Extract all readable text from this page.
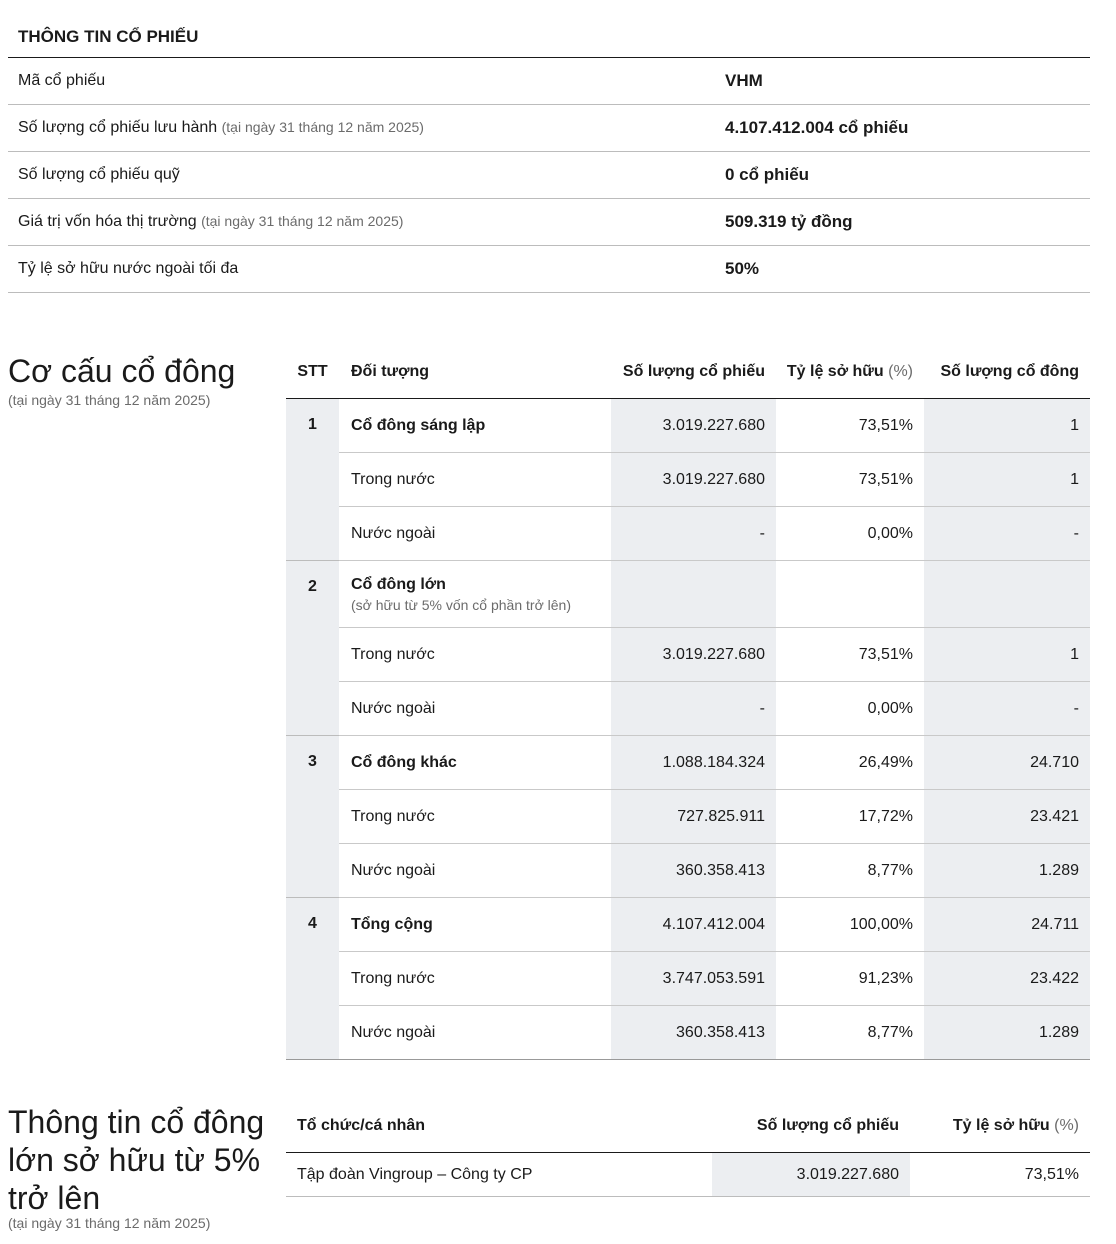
THÔNG TIN CỔ PHIẾU
Mã cổ phiếu	VHM
Số lượng cổ phiếu lưu hành (tại ngày 31 tháng 12 năm 2025)	4.107.412.004 cổ phiếu
Số lượng cổ phiếu quỹ	0 cổ phiếu
Giá trị vốn hóa thị trường (tại ngày 31 tháng 12 năm 2025)	509.319 tỷ đồng
Tỷ lệ sở hữu nước ngoài tối đa	50%
Cơ cấu cổ đông
(tại ngày 31 tháng 12 năm 2025)
STT	Đối tượng	Số lượng cổ phiếu	Tỷ lệ sở hữu (%)	Số lượng cổ đông
1	Cổ đông sáng lập	3.019.227.680	73,51%	1
	Trong nước	3.019.227.680	73,51%	1
	Nước ngoài	-	0,00%	-
2	Cổ đông lớn
(sở hữu từ 5% vốn cổ phần trở lên)			

	Trong nước	3.019.227.680	73,51%	1
	Nước ngoài	-	0,00%	-
3	Cổ đông khác	1.088.184.324	26,49%	24.710
	Trong nước	727.825.911	17,72%	23.421
	Nước ngoài	360.358.413	8,77%	1.289
4	Tổng cộng	4.107.412.004	100,00%	24.711
	Trong nước	3.747.053.591	91,23%	23.422
	Nước ngoài	360.358.413	8,77%	1.289
Thông tin cổ đông
lớn sở hữu từ 5%
trở lên
(tại ngày 31 tháng 12 năm 2025)
Tổ chức/cá nhân	Số lượng cổ phiếu	Tỷ lệ sở hữu (%)
Tập đoàn Vingroup – Công ty CP	3.019.227.680	73,51%
